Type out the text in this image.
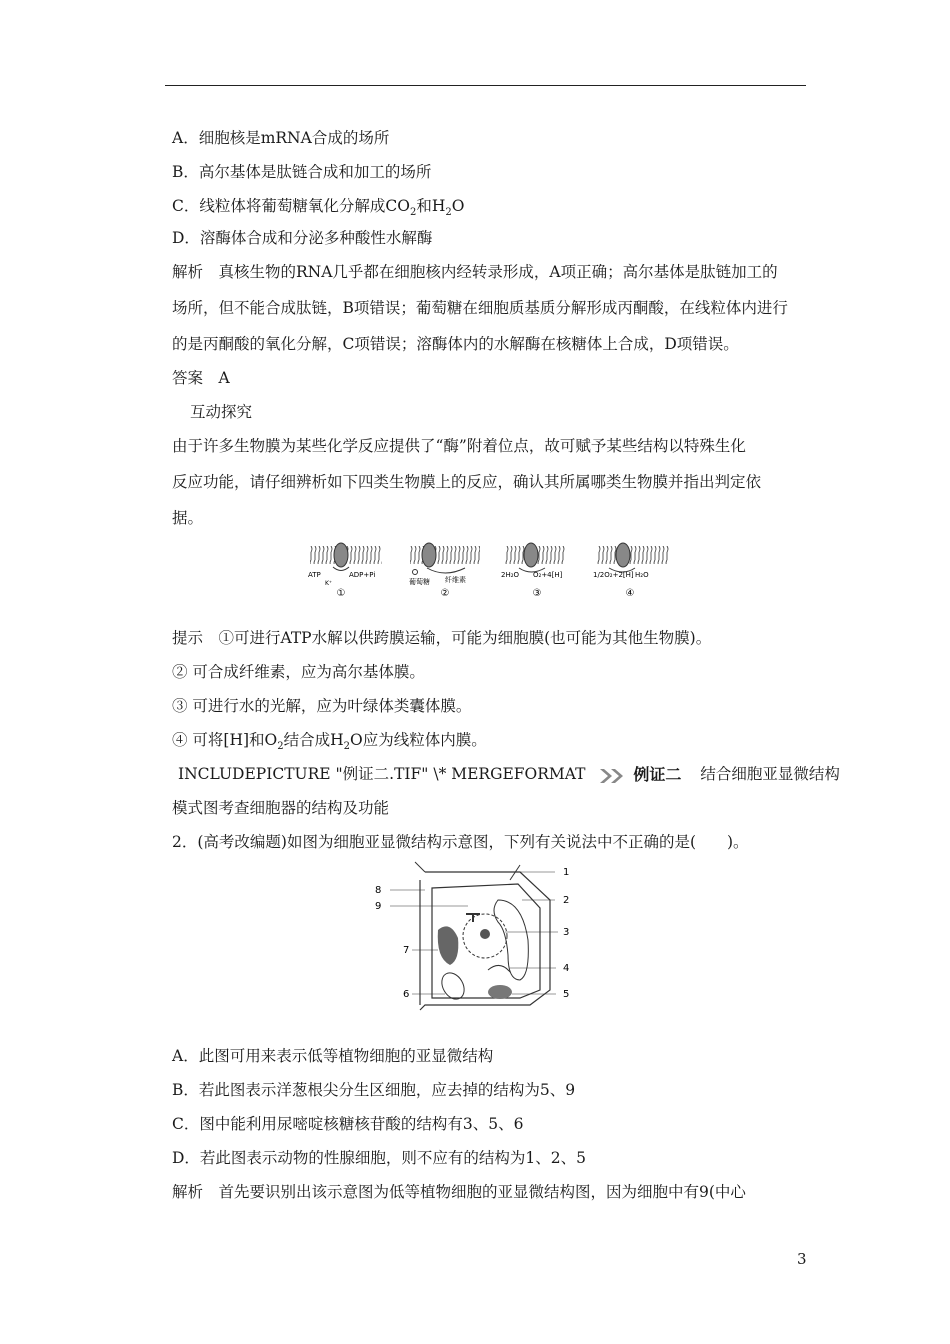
A．细胞核是mRNA合成的场所
B．高尔基体是肽链合成和加工的场所
C．线粒体将葡萄糖氧化分解成$CO_2$和$H_2O$
D．溶酶体合成和分泌多种酸性水解酶
解析　真核生物的RNA几乎都在细胞核内经转录形成，A项正确；高尔基体是肽链加工的
场所，但不能合成肽链，B项错误；葡萄糖在细胞质基质分解形成丙酮酸，在线粒体内进行
的是丙酮酸的氧化分解，C项错误；溶酶体内的水解酶在核糖体上合成，D项错误。
答案　A
互动探究
由于许多生物膜为某些化学反应提供了“酶”附着位点，故可赋予某些结构以特殊生化
反应功能，请仔细辨析如下四类生物膜上的反应，确认其所属哪类生物膜并指出判定依
据。
ATP	ADP+Pi
K⁺
①
葡萄糖 纤维素
②
2H₂O O₂+4[H]
③
1/2O₂+2[H] H₂O
④
提示　①可进行ATP水解以供跨膜运输，可能为细胞膜(也可能为其他生物膜)。
② 可合成纤维素，应为高尔基体膜。
③ 可进行水的光解，应为叶绿体类囊体膜。
④ 可将[H]和$O_2$结合成$H_2O$应为线粒体内膜。
INCLUDEPICTURE "例证二.TIF" \* MERGEFORMAT	例证二 结合细胞亚显微结构
模式图考查细胞器的结构及功能
2．(高考改编题)如图为细胞亚显微结构示意图，下列有关说法中不正确的是(　　)。
1
2
3
4
5
6
7
8
9
A．此图可用来表示低等植物细胞的亚显微结构
B．若此图表示洋葱根尖分生区细胞，应去掉的结构为5、9
C．图中能利用尿嘧啶核糖核苷酸的结构有3、5、6
D．若此图表示动物的性腺细胞，则不应有的结构为1、2、5
解析　首先要识别出该示意图为低等植物细胞的亚显微结构图，因为细胞中有9(中心
3
